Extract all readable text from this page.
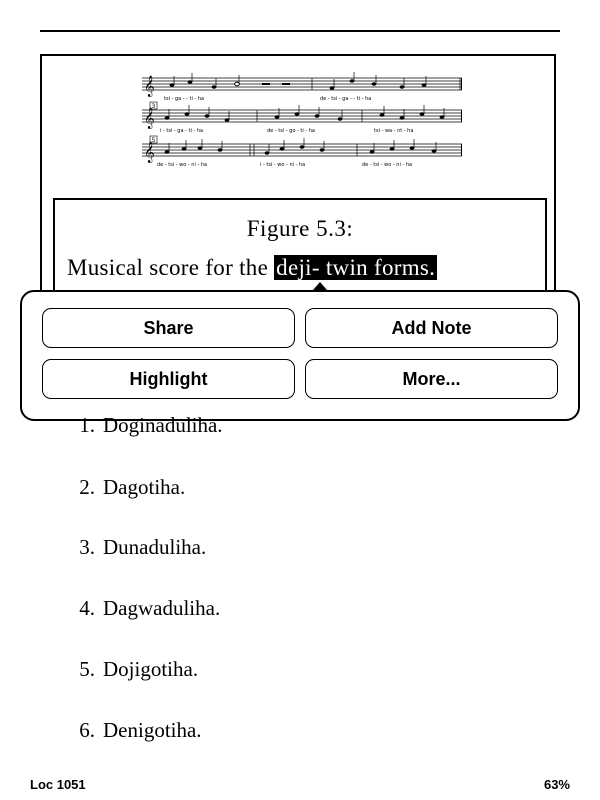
𝄞
tsi - ga - - ti - ha	de - tsi - ga - - ti - ha
3
𝄞
i - tsi - ga - ti - ha	de - tsi - go - ti - ha	tsi - wa - nt - ha
5
𝄞
de - tsi - wo - ni - ha	i - tsi - wo - ni - ha	de - tsi - wo - ni - ha
Figure 5.3:
Musical score for the deji- twin forms.
Share	Add Note
Highlight	More...
1. Doginaduliha.
2. Dagotiha.
3. Dunaduliha.
4. Dagwaduliha.
5. Dojigotiha.
6. Denigotiha.
Loc 1051	63%
